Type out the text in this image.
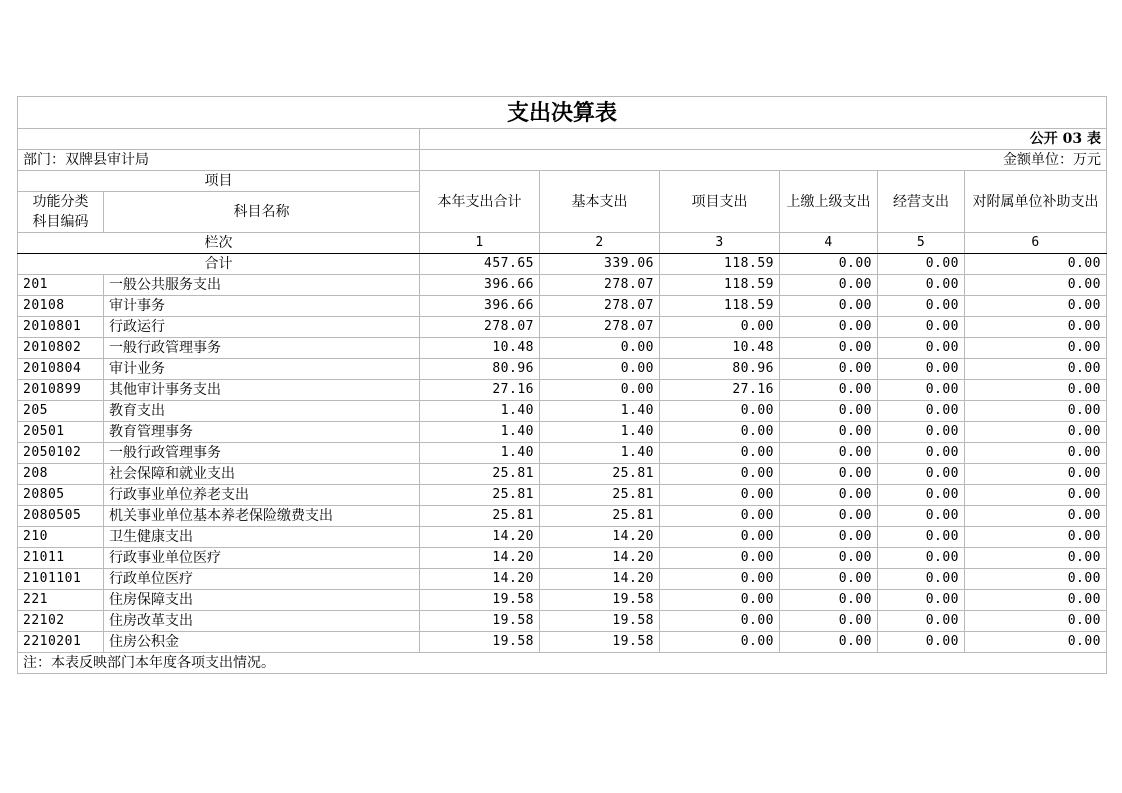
支出决算表							
		公开 03 表					
部门：双牌县审计局		金额单位：万元					
项目		本年支出合计	基本支出	项目支出	上缴上级支出	经营支出	对附属单位补助支出
功能分类
科目编码	科目名称						
栏次		1	2	3	4	5	6
合计		457.65	339.06	118.59	0.00	0.00	0.00
201	一般公共服务支出	396.66	278.07	118.59	0.00	0.00	0.00
20108	审计事务	396.66	278.07	118.59	0.00	0.00	0.00
2010801	行政运行	278.07	278.07	0.00	0.00	0.00	0.00
2010802	一般行政管理事务	10.48	0.00	10.48	0.00	0.00	0.00
2010804	审计业务	80.96	0.00	80.96	0.00	0.00	0.00
2010899	其他审计事务支出	27.16	0.00	27.16	0.00	0.00	0.00
205	教育支出	1.40	1.40	0.00	0.00	0.00	0.00
20501	教育管理事务	1.40	1.40	0.00	0.00	0.00	0.00
2050102	一般行政管理事务	1.40	1.40	0.00	0.00	0.00	0.00
208	社会保障和就业支出	25.81	25.81	0.00	0.00	0.00	0.00
20805	行政事业单位养老支出	25.81	25.81	0.00	0.00	0.00	0.00
2080505	机关事业单位基本养老保险缴费支出	25.81	25.81	0.00	0.00	0.00	0.00
210	卫生健康支出	14.20	14.20	0.00	0.00	0.00	0.00
21011	行政事业单位医疗	14.20	14.20	0.00	0.00	0.00	0.00
2101101	行政单位医疗	14.20	14.20	0.00	0.00	0.00	0.00
221	住房保障支出	19.58	19.58	0.00	0.00	0.00	0.00
22102	住房改革支出	19.58	19.58	0.00	0.00	0.00	0.00
2210201	住房公积金	19.58	19.58	0.00	0.00	0.00	0.00
注：本表反映部门本年度各项支出情况。							
